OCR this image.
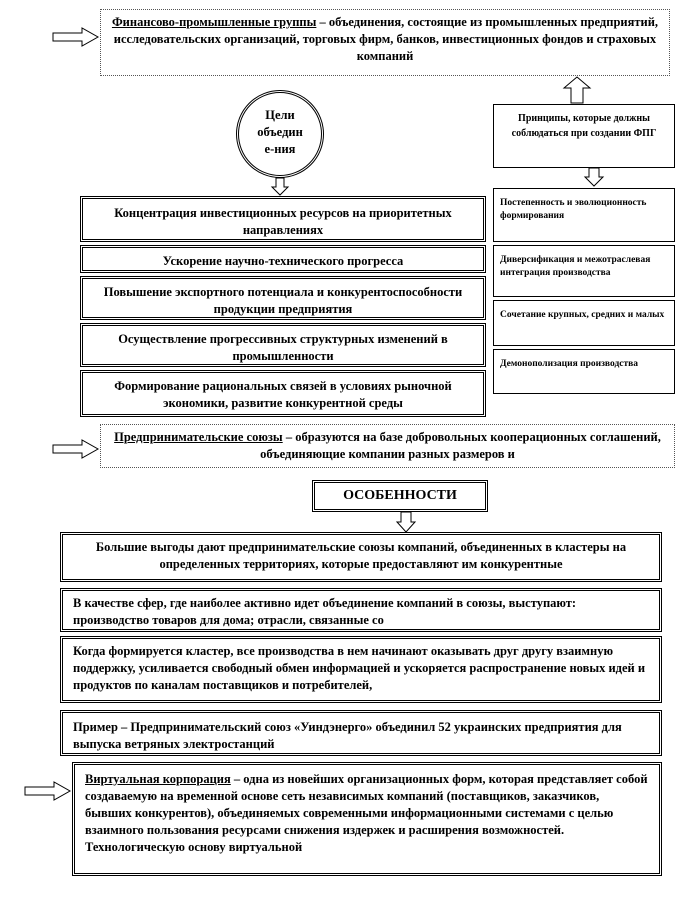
Финансово-промышленные группы – объединения, состоящие из промышленных предприятий, исследовательских организаций, торговых фирм, банков, инвестиционных фондов и страховых компаний
Цели
объедин
е-ния
Концентрация инвестиционных ресурсов на приоритетных направлениях
Ускорение научно-технического прогресса
Повышение экспортного потенциала и конкурентоспособности продукции предприятия
Осуществление прогрессивных структурных изменений в промышленности
Формирование рациональных связей в условиях рыночной экономики, развитие конкурентной среды
Принципы, которые должны соблюдаться при создании ФПГ
Постепенность и эволюционность формирования
Диверсификация и межотраслевая интеграция производства
Сочетание крупных, средних и малых
Демонополизация производства
Предпринимательские союзы – образуются на базе добровольных кооперационных соглашений, объединяющие компании разных размеров и
ОСОБЕННОСТИ
Большие выгоды дают предпринимательские союзы компаний, объединенных в кластеры на определенных территориях, которые предоставляют им конкурентные
В качестве сфер, где наиболее активно идет объединение компаний в союзы, выступают: производство товаров для дома; отрасли, связанные со
Когда формируется кластер, все производства в нем начинают оказывать друг другу взаимную поддержку, усиливается свободный обмен информацией и ускоряется распространение новых идей и продуктов по каналам поставщиков и потребителей,
Пример – Предпринимательский союз «Уиндэнерго» объединил 52 украинских предприятия для выпуска ветряных электростанций
Виртуальная корпорация – одна из новейших организационных форм, которая представляет собой создаваемую на временной основе сеть независимых компаний (поставщиков, заказчиков, бывших конкурентов), объединяемых современными информационными системами с целью взаимного пользования ресурсами снижения издержек и расширения возможностей. Технологическую основу виртуальной
